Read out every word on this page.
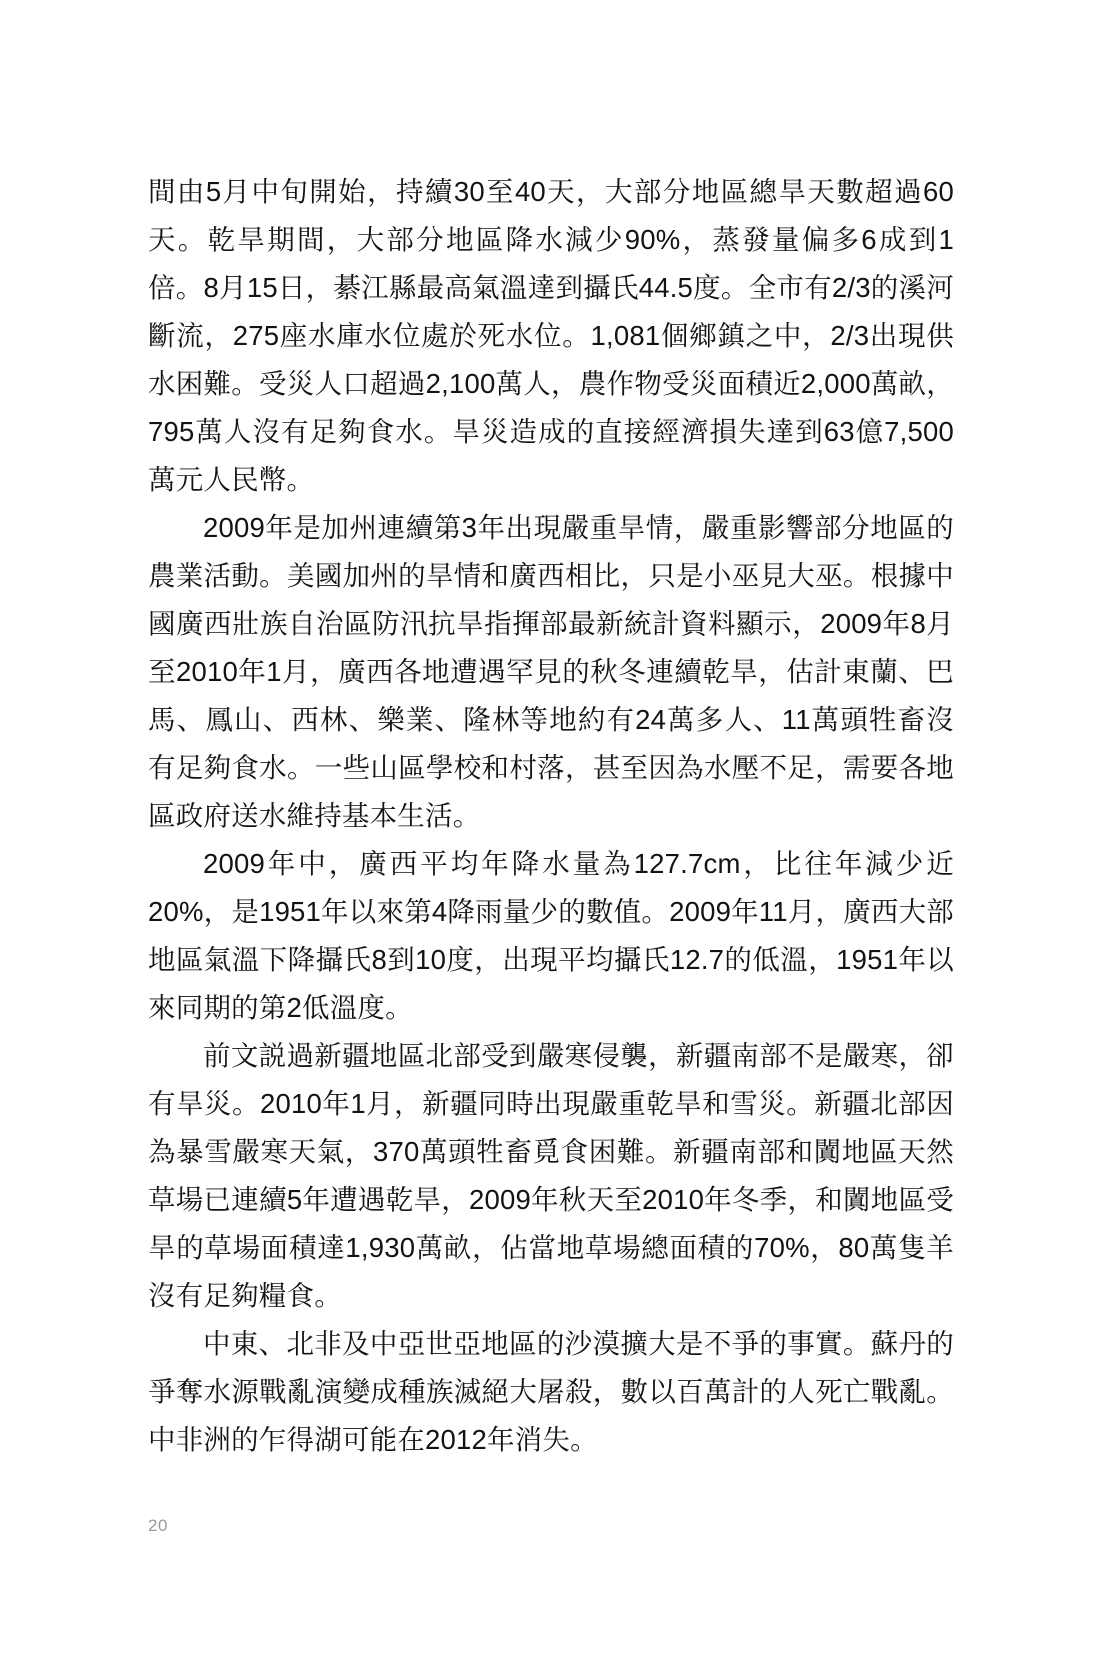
間由5月中旬開始，持續30至40天，大部分地區總旱天數超過60天。乾旱期間，大部分地區降水減少90%，蒸發量偏多6成到1倍。8月15日，綦江縣最高氣溫達到攝氏44.5度。全市有2/3的溪河斷流，275座水庫水位處於死水位。1,081個鄉鎮之中，2/3出現供水困難。受災人口超過2,100萬人，農作物受災面積近2,000萬畝，795萬人沒有足夠食水。旱災造成的直接經濟損失達到63億7,500萬元人民幣。

2009年是加州連續第3年出現嚴重旱情，嚴重影響部分地區的農業活動。美國加州的旱情和廣西相比，只是小巫見大巫。根據中國廣西壯族自治區防汛抗旱指揮部最新統計資料顯示，2009年8月至2010年1月，廣西各地遭遇罕見的秋冬連續乾旱，估計東蘭、巴馬、鳳山、西林、樂業、隆林等地約有24萬多人、11萬頭牲畜沒有足夠食水。一些山區學校和村落，甚至因為水壓不足，需要各地區政府送水維持基本生活。

2009年中，廣西平均年降水量為127.7cm，比往年減少近20%，是1951年以來第4降雨量少的數值。2009年11月，廣西大部地區氣溫下降攝氏8到10度，出現平均攝氏12.7的低溫，1951年以來同期的第2低溫度。

前文説過新疆地區北部受到嚴寒侵襲，新疆南部不是嚴寒，卻有旱災。2010年1月，新疆同時出現嚴重乾旱和雪災。新疆北部因為暴雪嚴寒天氣，370萬頭牲畜覓食困難。新疆南部和闐地區天然草場已連續5年遭遇乾旱，2009年秋天至2010年冬季，和闐地區受旱的草場面積達1,930萬畝，佔當地草場總面積的70%，80萬隻羊沒有足夠糧食。

中東、北非及中亞世亞地區的沙漠擴大是不爭的事實。蘇丹的爭奪水源戰亂演變成種族滅絕大屠殺，數以百萬計的人死亡戰亂。中非洲的乍得湖可能在2012年消失。

20
